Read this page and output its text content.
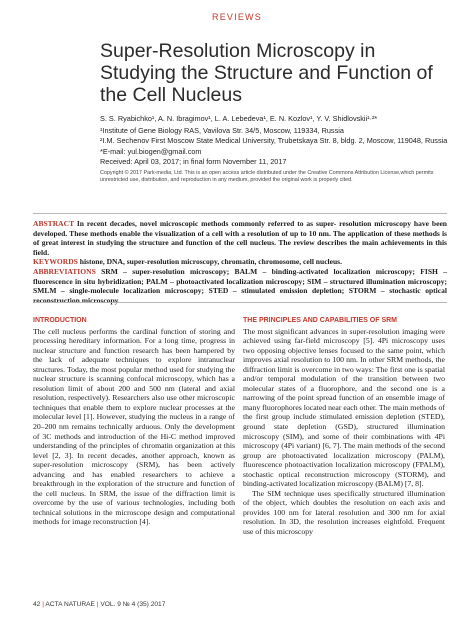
REVIEWS
Super-Resolution Microscopy in Studying the Structure and Function of the Cell Nucleus
S. S. Ryabichko¹, A. N. Ibragimov¹, L. A. Lebedeva¹, E. N. Kozlov¹, Y. V. Shidlovskii¹·²*
¹Institute of Gene Biology RAS, Vavilova Str. 34/5, Moscow, 119334, Russia
²I.M. Sechenov First Moscow State Medical University, Trubetskaya Str. 8, bldg. 2, Moscow, 119048, Russia
*E-mail: yul.biogen@gmail.com
Received: April 03, 2017; in final form November 11, 2017
Copyright © 2017 Park-media, Ltd. This is an open access article distributed under the Creative Commons Attribution License,which permits unrestricted use, distribution, and reproduction in any medium, provided the original work is properly cited.
ABSTRACT In recent decades, novel microscopic methods commonly referred to as super- resolution microscopy have been developed. These methods enable the visualization of a cell with a resolution of up to 10 nm. The application of these methods is of great interest in studying the structure and function of the cell nucleus. The review describes the main achievements in this field.
KEYWORDS histone, DNA, super-resolution microscopy, chromatin, chromosome, cell nucleus.
ABBREVIATIONS SRM – super-resolution microscopy; BALM – binding-activated localization microscopy; FISH – fluorescence in situ hybridization; PALM – photoactivated localization microscopy; SIM – structured illumination microscopy; SMLM – single-molecule localization microscopy; STED – stimulated emission depletion; STORM – stochastic optical reconstruction microscopy.
INTRODUCTION

The cell nucleus performs the cardinal function of storing and processing hereditary information. For a long time, progress in nuclear structure and function research has been hampered by the lack of adequate techniques to explore intranuclear structures. Today, the most popular method used for studying the nuclear structure is scanning confocal microscopy, which has a resolution limit of about 200 and 500 nm (lateral and axial resolution, respectively). Researchers also use other microscopic techniques that enable them to explore nuclear processes at the molecular level [1]. However, studying the nucleus in a range of 20–200 nm remains technically arduous. Only the development of 3C methods and introduction of the Hi-C method improved understanding of the principles of chromatin organization at this level [2, 3]. In recent decades, another approach, known as super-resolution microscopy (SRM), has been actively advancing and has enabled researchers to achieve a breakthrough in the exploration of the structure and function of the cell nucleus. In SRM, the issue of the diffraction limit is overcome by the use of various technologies, including both technical solutions in the microscope design and computational methods for image reconstruction [4].

THE PRINCIPLES AND CAPABILITIES OF SRM

The most significant advances in super-resolution imaging were achieved using far-field microscopy [5]. 4Pi microscopy uses two opposing objective lenses focused to the same point, which improves axial resolution to 100 nm. In other SRM methods, the diffraction limit is overcome in two ways: The first one is spatial and/or temporal modulation of the transition between two molecular states of a fluorophore, and the second one is a narrowing of the point spread function of an ensemble image of many fluorophores located near each other. The main methods of the first group include stimulated emission depletion (STED), ground state depletion (GSD), structured illumination microscopy (SIM), and some of their combinations with 4Pi microscopy (4Pi variant) [6, 7]. The main methods of the second group are photoactivated localization microscopy (PALM), fluorescence photoactivation localization microscopy (FPALM), stochastic optical reconstruction microscopy (STORM), and binding-activated localization microscopy (BALM) [7, 8].

The SIM technique uses specifically structured illumination of the object, which doubles the resolution on each axis and provides 100 nm for lateral resolution and 300 nm for axial resolution. In 3D, the resolution increases eightfold. Frequent use of this microscopy

42 | ACTA NATURAE | VOL. 9 № 4 (35) 2017
